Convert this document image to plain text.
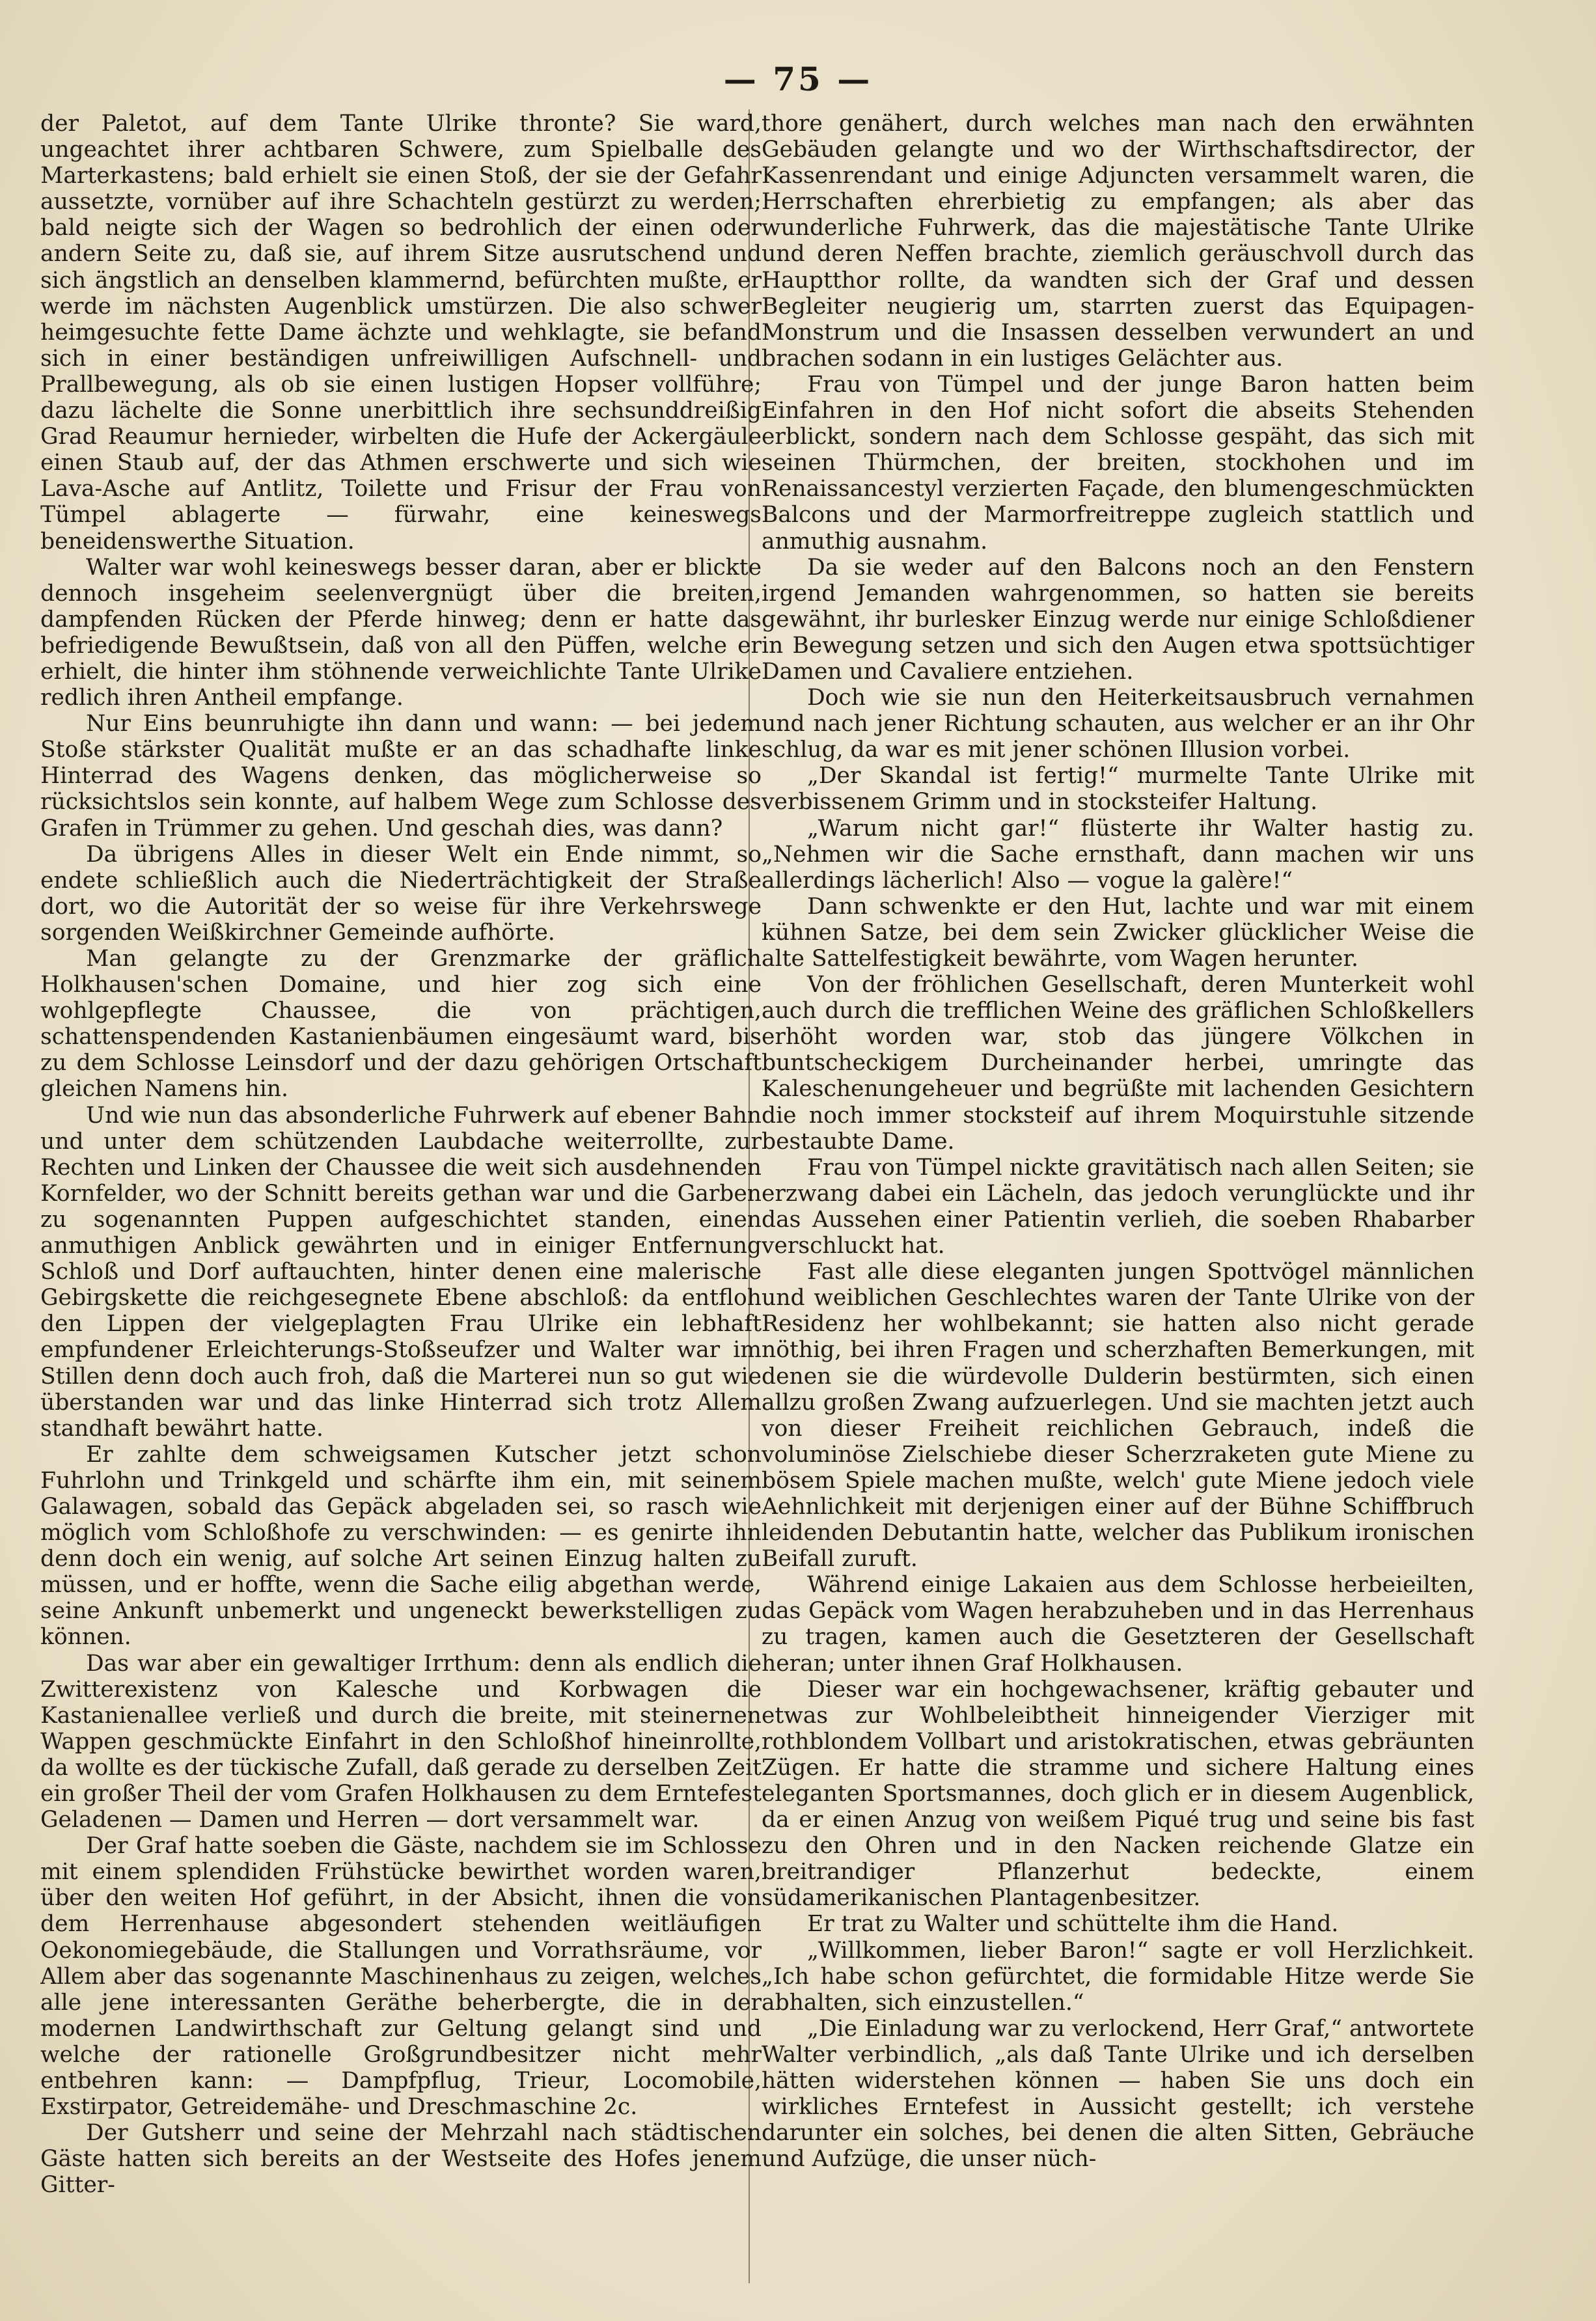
— 75 —

der Paletot, auf dem Tante Ulrike thronte? Sie ward, ungeachtet ihrer achtbaren Schwere, zum Spielballe des Marterkastens; bald erhielt sie einen Stoß, der sie der Gefahr aussetzte, vornüber auf ihre Schachteln gestürzt zu werden; bald neigte sich der Wagen so bedrohlich der einen oder andern Seite zu, daß sie, auf ihrem Sitze ausrutschend und sich ängstlich an denselben klammernd, befürchten mußte, er werde im nächsten Augenblick umstürzen. Die also schwer heimgesuchte fette Dame ächzte und wehklagte, sie befand sich in einer beständigen unfreiwilligen Aufschnell- und Prallbewegung, als ob sie einen lustigen Hopser vollführe; dazu lächelte die Sonne unerbittlich ihre sechsunddreißig Grad Reaumur hernieder, wirbelten die Hufe der Ackergäule einen Staub auf, der das Athmen erschwerte und sich wie Lava-Asche auf Antlitz, Toilette und Frisur der Frau von Tümpel ablagerte — fürwahr, eine keineswegs beneidenswerthe Situation.

Walter war wohl keineswegs besser daran, aber er blickte dennoch insgeheim seelenvergnügt über die breiten, dampfenden Rücken der Pferde hinweg; denn er hatte das befriedigende Bewußtsein, daß von all den Püffen, welche er erhielt, die hinter ihm stöhnende verweichlichte Tante Ulrike redlich ihren Antheil empfange.

Nur Eins beunruhigte ihn dann und wann: — bei jedem Stoße stärkster Qualität mußte er an das schadhafte linke Hinterrad des Wagens denken, das möglicherweise so rücksichtslos sein konnte, auf halbem Wege zum Schlosse des Grafen in Trümmer zu gehen. Und geschah dies, was dann?

Da übrigens Alles in dieser Welt ein Ende nimmt, so endete schließlich auch die Niederträchtigkeit der Straße dort, wo die Autorität der so weise für ihre Verkehrswege sorgenden Weißkirchner Gemeinde aufhörte.

Man gelangte zu der Grenzmarke der gräflich Holkhausen'schen Domaine, und hier zog sich eine wohlgepflegte Chaussee, die von prächtigen, schattenspendenden Kastanienbäumen eingesäumt ward, bis zu dem Schlosse Leinsdorf und der dazu gehörigen Ortschaft gleichen Namens hin.

Und wie nun das absonderliche Fuhrwerk auf ebener Bahn und unter dem schützenden Laubdache weiterrollte, zur Rechten und Linken der Chaussee die weit sich ausdehnenden Kornfelder, wo der Schnitt bereits gethan war und die Garben zu sogenannten Puppen aufgeschichtet standen, einen anmuthigen Anblick gewährten und in einiger Entfernung Schloß und Dorf auftauchten, hinter denen eine malerische Gebirgskette die reichgesegnete Ebene abschloß: da entfloh den Lippen der vielgeplagten Frau Ulrike ein lebhaft empfundener Erleichterungs-Stoßseufzer und Walter war im Stillen denn doch auch froh, daß die Marterei nun so gut wie überstanden war und das linke Hinterrad sich trotz Allem standhaft bewährt hatte.

Er zahlte dem schweigsamen Kutscher jetzt schon Fuhrlohn und Trinkgeld und schärfte ihm ein, mit seinem Galawagen, sobald das Gepäck abgeladen sei, so rasch wie möglich vom Schloßhofe zu verschwinden: — es genirte ihn denn doch ein wenig, auf solche Art seinen Einzug halten zu müssen, und er hoffte, wenn die Sache eilig abgethan werde, seine Ankunft unbemerkt und ungeneckt bewerkstelligen zu können.

Das war aber ein gewaltiger Irrthum: denn als endlich die Zwitterexistenz von Kalesche und Korbwagen die Kastanienallee verließ und durch die breite, mit steinernen Wappen geschmückte Einfahrt in den Schloßhof hineinrollte, da wollte es der tückische Zufall, daß gerade zu derselben Zeit ein großer Theil der vom Grafen Holkhausen zu dem Erntefest Geladenen — Damen und Herren — dort versammelt war.

Der Graf hatte soeben die Gäste, nachdem sie im Schlosse mit einem splendiden Frühstücke bewirthet worden waren, über den weiten Hof geführt, in der Absicht, ihnen die von dem Herrenhause abgesondert stehenden weitläufigen Oekonomiegebäude, die Stallungen und Vorrathsräume, vor Allem aber das sogenannte Maschinenhaus zu zeigen, welches alle jene interessanten Geräthe beherbergte, die in der modernen Landwirthschaft zur Geltung gelangt sind und welche der rationelle Großgrundbesitzer nicht mehr entbehren kann: — Dampfpflug, Trieur, Locomobile, Exstirpator, Getreidemähe- und Dreschmaschine 2c.

Der Gutsherr und seine der Mehrzahl nach städtischen Gäste hatten sich bereits an der Westseite des Hofes jenem Gitter-

thore genähert, durch welches man nach den erwähnten Gebäuden gelangte und wo der Wirthschaftsdirector, der Kassenrendant und einige Adjuncten versammelt waren, die Herrschaften ehrerbietig zu empfangen; als aber das wunderliche Fuhrwerk, das die majestätische Tante Ulrike und deren Neffen brachte, ziemlich geräuschvoll durch das Hauptthor rollte, da wandten sich der Graf und dessen Begleiter neugierig um, starrten zuerst das Equipagen-Monstrum und die Insassen desselben verwundert an und brachen sodann in ein lustiges Gelächter aus.

Frau von Tümpel und der junge Baron hatten beim Einfahren in den Hof nicht sofort die abseits Stehenden erblickt, sondern nach dem Schlosse gespäht, das sich mit seinen Thürmchen, der breiten, stockhohen und im Renaissancestyl verzierten Façade, den blumengeschmückten Balcons und der Marmorfreitreppe zugleich stattlich und anmuthig ausnahm.

Da sie weder auf den Balcons noch an den Fenstern irgend Jemanden wahrgenommen, so hatten sie bereits gewähnt, ihr burlesker Einzug werde nur einige Schloßdiener in Bewegung setzen und sich den Augen etwa spottsüchtiger Damen und Cavaliere entziehen.

Doch wie sie nun den Heiterkeitsausbruch vernahmen und nach jener Richtung schauten, aus welcher er an ihr Ohr schlug, da war es mit jener schönen Illusion vorbei.

„Der Skandal ist fertig!“ murmelte Tante Ulrike mit verbissenem Grimm und in stocksteifer Haltung.

„Warum nicht gar!“ flüsterte ihr Walter hastig zu. „Nehmen wir die Sache ernsthaft, dann machen wir uns allerdings lächerlich! Also — vogue la galère!“

Dann schwenkte er den Hut, lachte und war mit einem kühnen Satze, bei dem sein Zwicker glücklicher Weise die alte Sattelfestigkeit bewährte, vom Wagen herunter.

Von der fröhlichen Gesellschaft, deren Munterkeit wohl auch durch die trefflichen Weine des gräflichen Schloßkellers erhöht worden war, stob das jüngere Völkchen in buntscheckigem Durcheinander herbei, umringte das Kaleschenungeheuer und begrüßte mit lachenden Gesichtern die noch immer stocksteif auf ihrem Moquirstuhle sitzende bestaubte Dame.

Frau von Tümpel nickte gravitätisch nach allen Seiten; sie erzwang dabei ein Lächeln, das jedoch verunglückte und ihr das Aussehen einer Patientin verlieh, die soeben Rhabarber verschluckt hat.

Fast alle diese eleganten jungen Spottvögel männlichen und weiblichen Geschlechtes waren der Tante Ulrike von der Residenz her wohlbekannt; sie hatten also nicht gerade nöthig, bei ihren Fragen und scherzhaften Bemerkungen, mit denen sie die würdevolle Dulderin bestürmten, sich einen allzu großen Zwang aufzuerlegen. Und sie machten jetzt auch von dieser Freiheit reichlichen Gebrauch, indeß die voluminöse Zielschiebe dieser Scherzraketen gute Miene zu bösem Spiele machen mußte, welch' gute Miene jedoch viele Aehnlichkeit mit derjenigen einer auf der Bühne Schiffbruch leidenden Debutantin hatte, welcher das Publikum ironischen Beifall zuruft.

Während einige Lakaien aus dem Schlosse herbeieilten, das Gepäck vom Wagen herabzuheben und in das Herrenhaus zu tragen, kamen auch die Gesetzteren der Gesellschaft heran; unter ihnen Graf Holkhausen.

Dieser war ein hochgewachsener, kräftig gebauter und etwas zur Wohlbeleibtheit hinneigender Vierziger mit rothblondem Vollbart und aristokratischen, etwas gebräunten Zügen. Er hatte die stramme und sichere Haltung eines eleganten Sportsmannes, doch glich er in diesem Augenblick, da er einen Anzug von weißem Piqué trug und seine bis fast zu den Ohren und in den Nacken reichende Glatze ein breitrandiger Pflanzerhut bedeckte, einem südamerikanischen Plantagenbesitzer.

Er trat zu Walter und schüttelte ihm die Hand.

„Willkommen, lieber Baron!“ sagte er voll Herzlichkeit. „Ich habe schon gefürchtet, die formidable Hitze werde Sie abhalten, sich einzustellen.“

„Die Einladung war zu verlockend, Herr Graf,“ antwortete Walter verbindlich, „als daß Tante Ulrike und ich derselben hätten widerstehen können — haben Sie uns doch ein wirkliches Erntefest in Aussicht gestellt; ich verstehe darunter ein solches, bei denen die alten Sitten, Gebräuche und Aufzüge, die unser nüch-
